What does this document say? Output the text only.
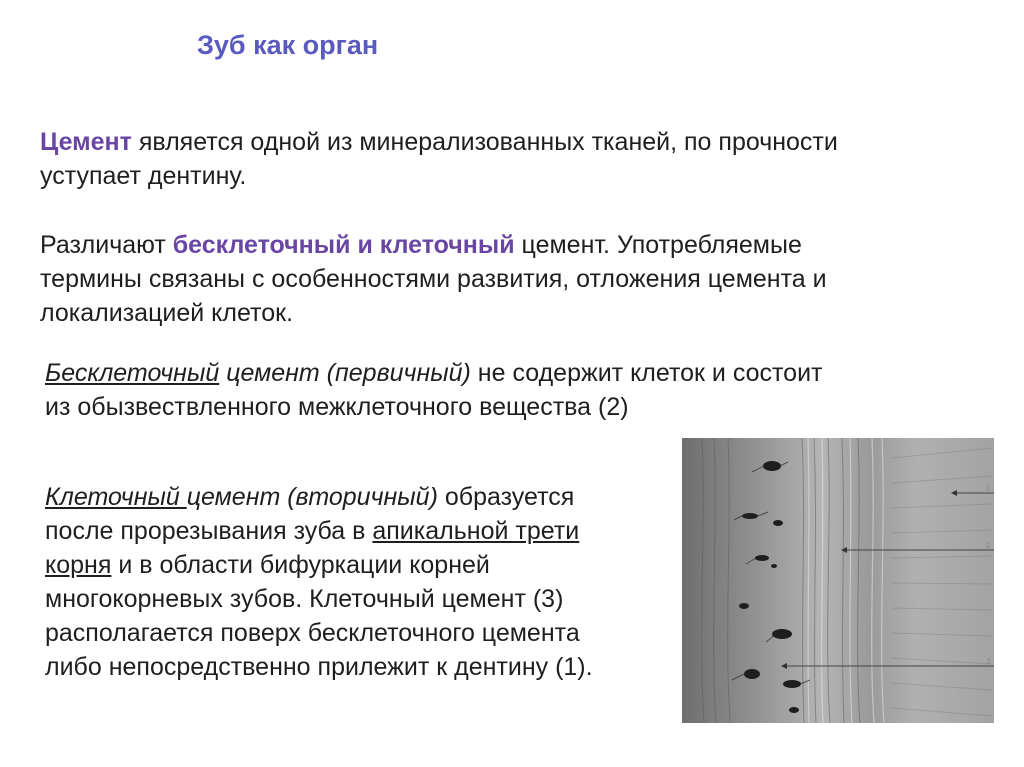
Зуб как орган
Цемент является одной из минерализованных тканей, по прочности
уступает дентину.
Различают бесклеточный и клеточный цемент. Употребляемые
термины связаны с особенностями развития, отложения цемента и
локализацией клеток.
Бесклеточный цемент (первичный) не содержит клеток и состоит
из обызвествленного межклеточного вещества (2)
Клеточный цемент (вторичный) образуется
после прорезывания зуба в апикальной трети
корня и в области бифуркации корней
многокорневых зубов. Клеточный цемент (3)
располагается поверх бесклеточного цемента
либо непосредственно прилежит к дентину (1).
1
2
3
